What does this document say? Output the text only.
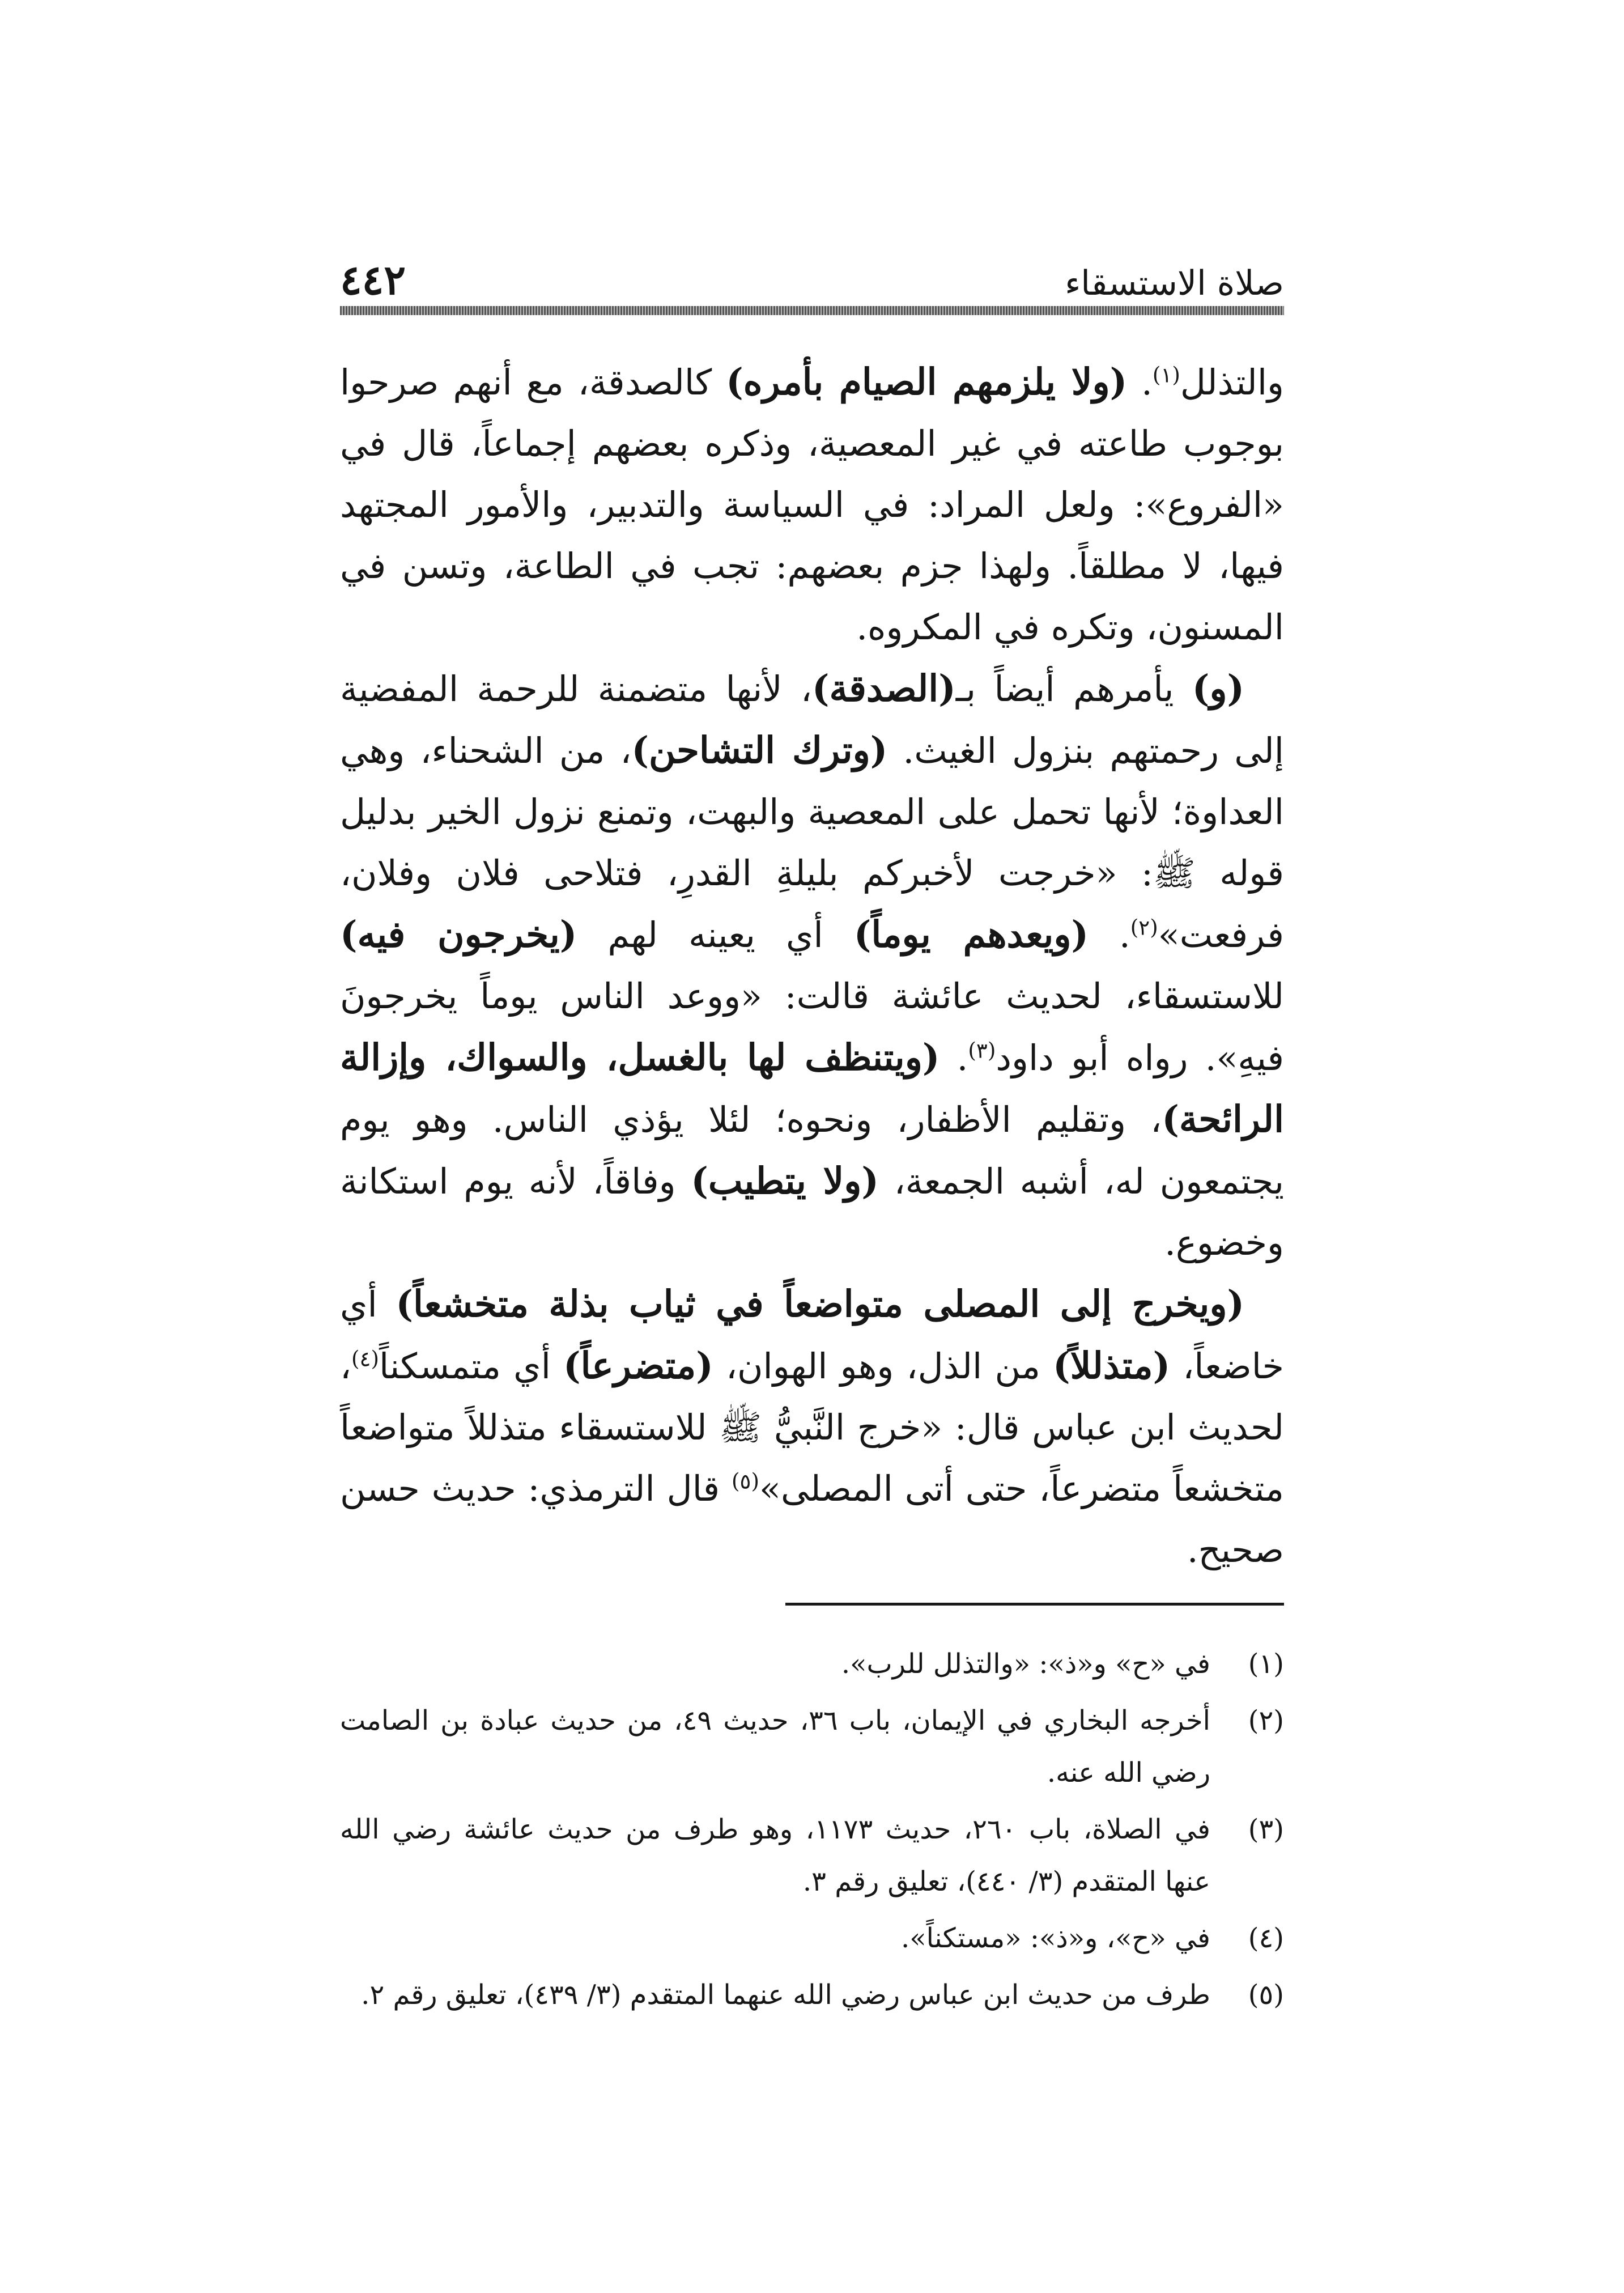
صلاة الاستسقاء
٤٤٢

والتذلل( $^١$ ). (ولا يلزمهم الصيام بأمره) كالصدقة، مع أنهم صرحوا بوجوب طاعته في غير المعصية، وذكره بعضهم إجماعاً، قال في «الفروع»: ولعل المراد: في السياسة والتدبير، والأمور المجتهد فيها، لا مطلقاً. ولهذا جزم بعضهم: تجب في الطاعة، وتسن في المسنون، وتكره في المكروه.

(و) يأمرهم أيضاً بـ(الصدقة)، لأنها متضمنة للرحمة المفضية إلى رحمتهم بنزول الغيث. (وترك التشاحن)، من الشحناء، وهي العداوة؛ لأنها تحمل على المعصية والبهت، وتمنع نزول الخير بدليل قوله ﷺ: «خرجت لأخبركم بليلةِ القدرِ، فتلاحى فلان وفلان، فرفعت»( $^٢$ ). (ويعدهم يوماً) أي يعينه لهم (يخرجون فيه) للاستسقاء، لحديث عائشة قالت: «ووعد الناس يوماً يخرجونَ فيهِ». رواه أبو داود( $^٣$ ). (ويتنظف لها بالغسل، والسواك، وإزالة الرائحة)، وتقليم الأظفار، ونحوه؛ لئلا يؤذي الناس. وهو يوم يجتمعون له، أشبه الجمعة، (ولا يتطيب) وفاقاً، لأنه يوم استكانة وخضوع.

(ويخرج إلى المصلى متواضعاً في ثياب بذلة متخشعاً) أي خاضعاً، (متذللاً) من الذل، وهو الهوان، (متضرعاً) أي متمسكناً( $^٤$ )، لحديث ابن عباس قال: «خرج النَّبيُّ ﷺ للاستسقاء متذللاً متواضعاً متخشعاً متضرعاً، حتى أتى المصلى»( $^٥$ ) قال الترمذي: حديث حسن صحيح.

( ١ )
في «ح» و«ذ»: «والتذلل للرب».
( ٢ )
أخرجه البخاري في الإيمان، باب ٣٦، حديث ٤٩، من حديث عبادة بن الصامت رضي الله عنه.
( ٣ )
في الصلاة، باب ٢٦٠، حديث ١١٧٣، وهو طرف من حديث عائشة رضي الله عنها المتقدم (٣/ ٤٤٠)، تعليق رقم ٣.
( ٤ )
في «ح»، و«ذ»: «مستكناً».
( ٥ )
طرف من حديث ابن عباس رضي الله عنهما المتقدم (٣/ ٤٣٩)، تعليق رقم ٢.
